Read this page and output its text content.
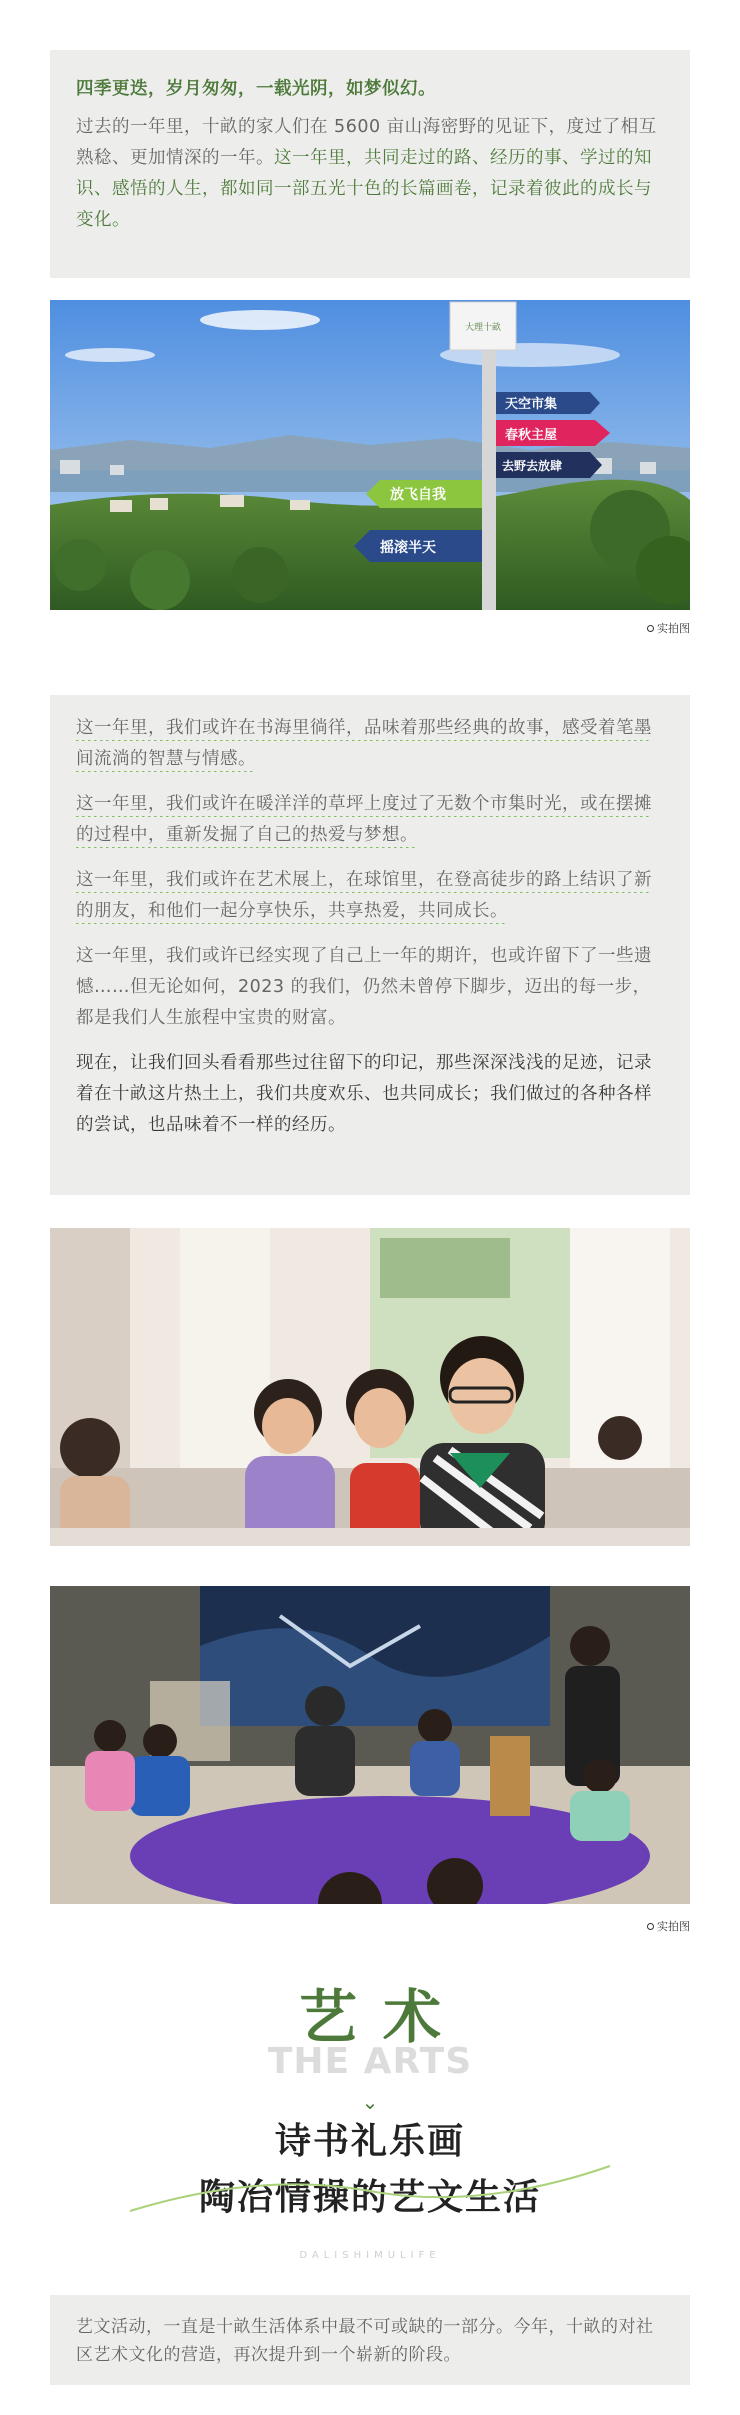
四季更迭，岁月匆匆，一载光阴，如梦似幻。

过去的一年里，十畝的家人们在 5600 亩山海密野的见证下，度过了相互熟稔、更加情深的一年。这一年里，共同走过的路、经历的事、学过的知识、感悟的人生，都如同一部五光十色的长篇画卷，记录着彼此的成长与变化。

大理十畝
天空市集
春秋主屋
去野去放肆
放飞自我
摇滚半天
实拍图

这一年里，我们或许在书海里徜徉，品味着那些经典的故事，感受着笔墨间流淌的智慧与情感。

这一年里，我们或许在暖洋洋的草坪上度过了无数个市集时光，或在摆摊的过程中，重新发掘了自己的热爱与梦想。

这一年里，我们或许在艺术展上，在球馆里，在登高徒步的路上结识了新的朋友，和他们一起分享快乐，共享热爱，共同成长。

这一年里，我们或许已经实现了自己上一年的期许，也或许留下了一些遗憾……但无论如何，2023 的我们，仍然未曾停下脚步，迈出的每一步，都是我们人生旅程中宝贵的财富。

现在，让我们回头看看那些过往留下的印记，那些深深浅浅的足迹，记录着在十畝这片热土上，我们共度欢乐、也共同成长；我们做过的各种各样的尝试，也品味着不一样的经历。

实拍图
艺术
THE ARTS
⌄
诗书礼乐画
陶冶情操的艺文生活
DALISHIMULIFE

艺文活动，一直是十畝生活体系中最不可或缺的一部分。今年，十畝的对社区艺术文化的营造，再次提升到一个崭新的阶段。
